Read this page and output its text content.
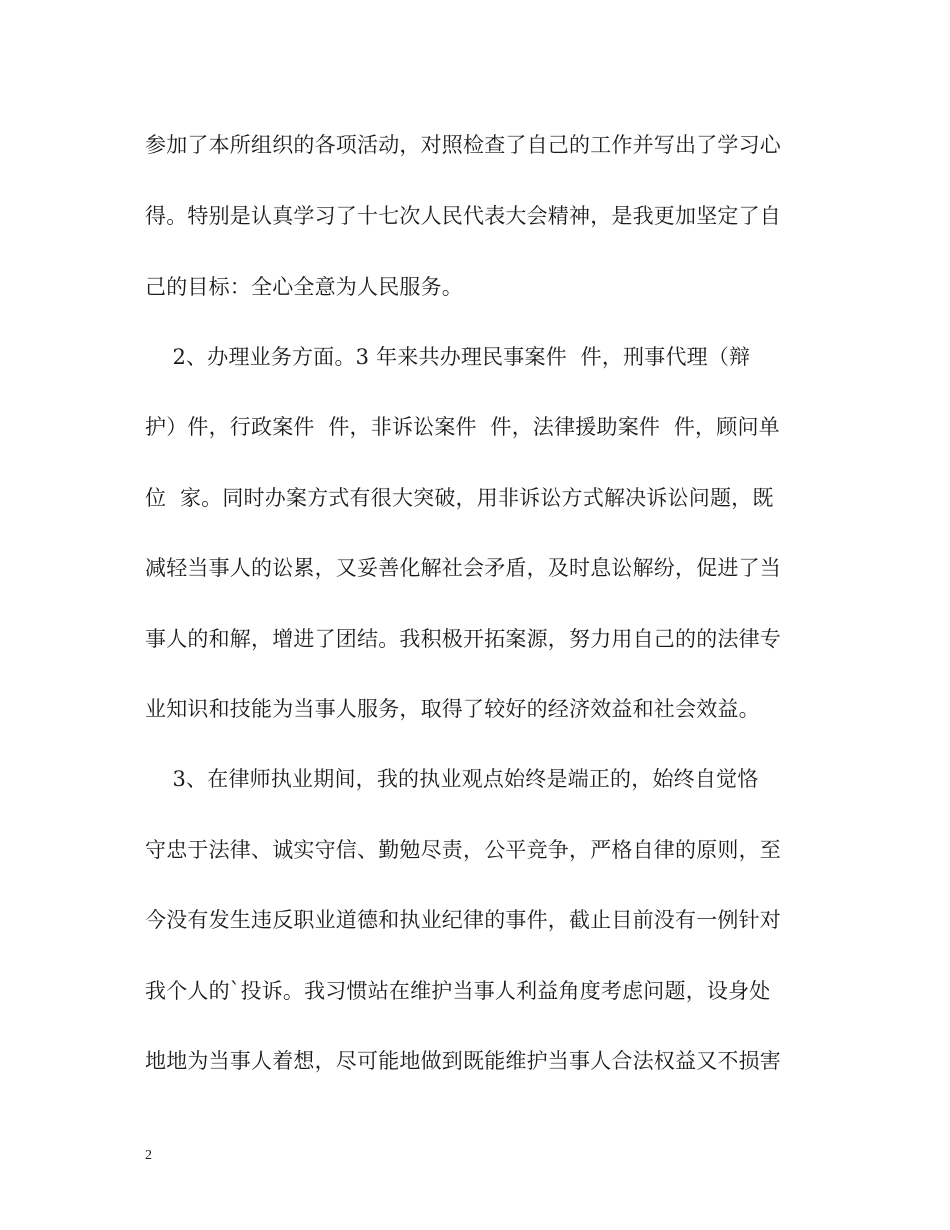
参加了本所组织的各项活动，对照检查了自己的工作并写出了学习心
得。特别是认真学习了十七次人民代表大会精神，是我更加坚定了自
己的目标：全心全意为人民服务。
2、办理业务方面。3 年来共办理民事案件  件，刑事代理（辩
护）件，行政案件  件，非诉讼案件  件，法律援助案件  件，顾问单
位  家。同时办案方式有很大突破，用非诉讼方式解决诉讼问题，既
减轻当事人的讼累，又妥善化解社会矛盾，及时息讼解纷，促进了当
事人的和解，增进了团结。我积极开拓案源，努力用自己的的法律专
业知识和技能为当事人服务，取得了较好的经济效益和社会效益。
3、在律师执业期间，我的执业观点始终是端正的，始终自觉恪
守忠于法律、诚实守信、勤勉尽责，公平竞争，严格自律的原则，至
今没有发生违反职业道德和执业纪律的事件，截止目前没有一例针对
我个人的`投诉。我习惯站在维护当事人利益角度考虑问题，设身处
地地为当事人着想，尽可能地做到既能维护当事人合法权益又不损害
2
